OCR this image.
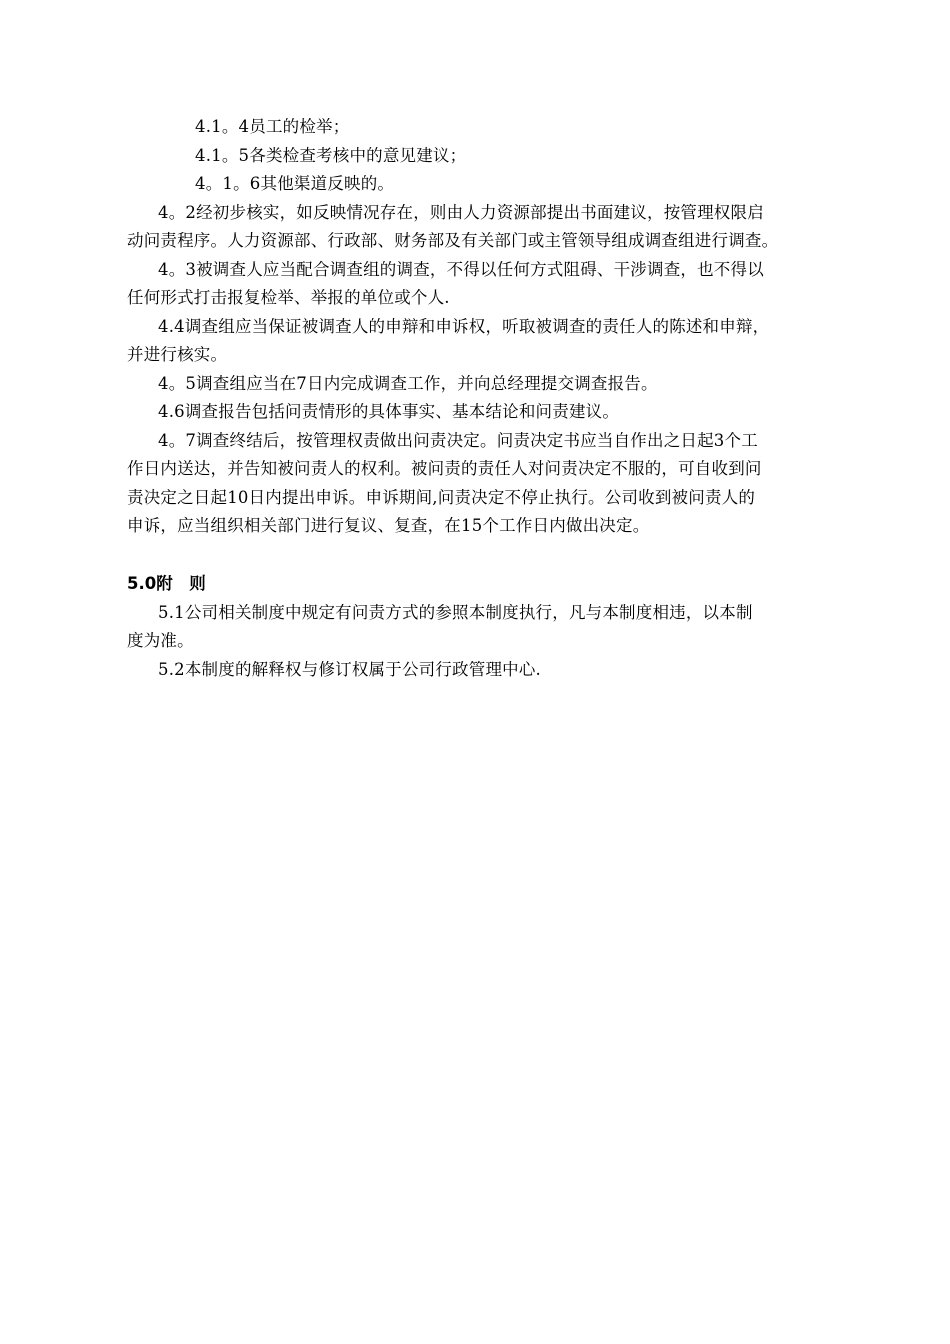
4.1。4员工的检举；
4.1。5各类检查考核中的意见建议；
4。1。6其他渠道反映的。
4。2经初步核实，如反映情况存在，则由人力资源部提出书面建议，按管理权限启
动问责程序。人力资源部、行政部、财务部及有关部门或主管领导组成调查组进行调查。
4。3被调查人应当配合调查组的调查，不得以任何方式阻碍、干涉调查，也不得以
任何形式打击报复检举、举报的单位或个人.
4.4调查组应当保证被调查人的申辩和申诉权，听取被调查的责任人的陈述和申辩，
并进行核实。
4。5调查组应当在7日内完成调查工作，并向总经理提交调查报告。
4.6调查报告包括问责情形的具体事实、基本结论和问责建议。
4。7调查终结后，按管理权责做出问责决定。问责决定书应当自作出之日起3个工
作日内送达，并告知被问责人的权利。被问责的责任人对问责决定不服的，可自收到问
责决定之日起10日内提出申诉。申诉期间,问责决定不停止执行。公司收到被问责人的
申诉，应当组织相关部门进行复议、复查，在15个工作日内做出决定。
5.0附　则
5.1公司相关制度中规定有问责方式的参照本制度执行，凡与本制度相违，以本制
度为准。
5.2本制度的解释权与修订权属于公司行政管理中心.
